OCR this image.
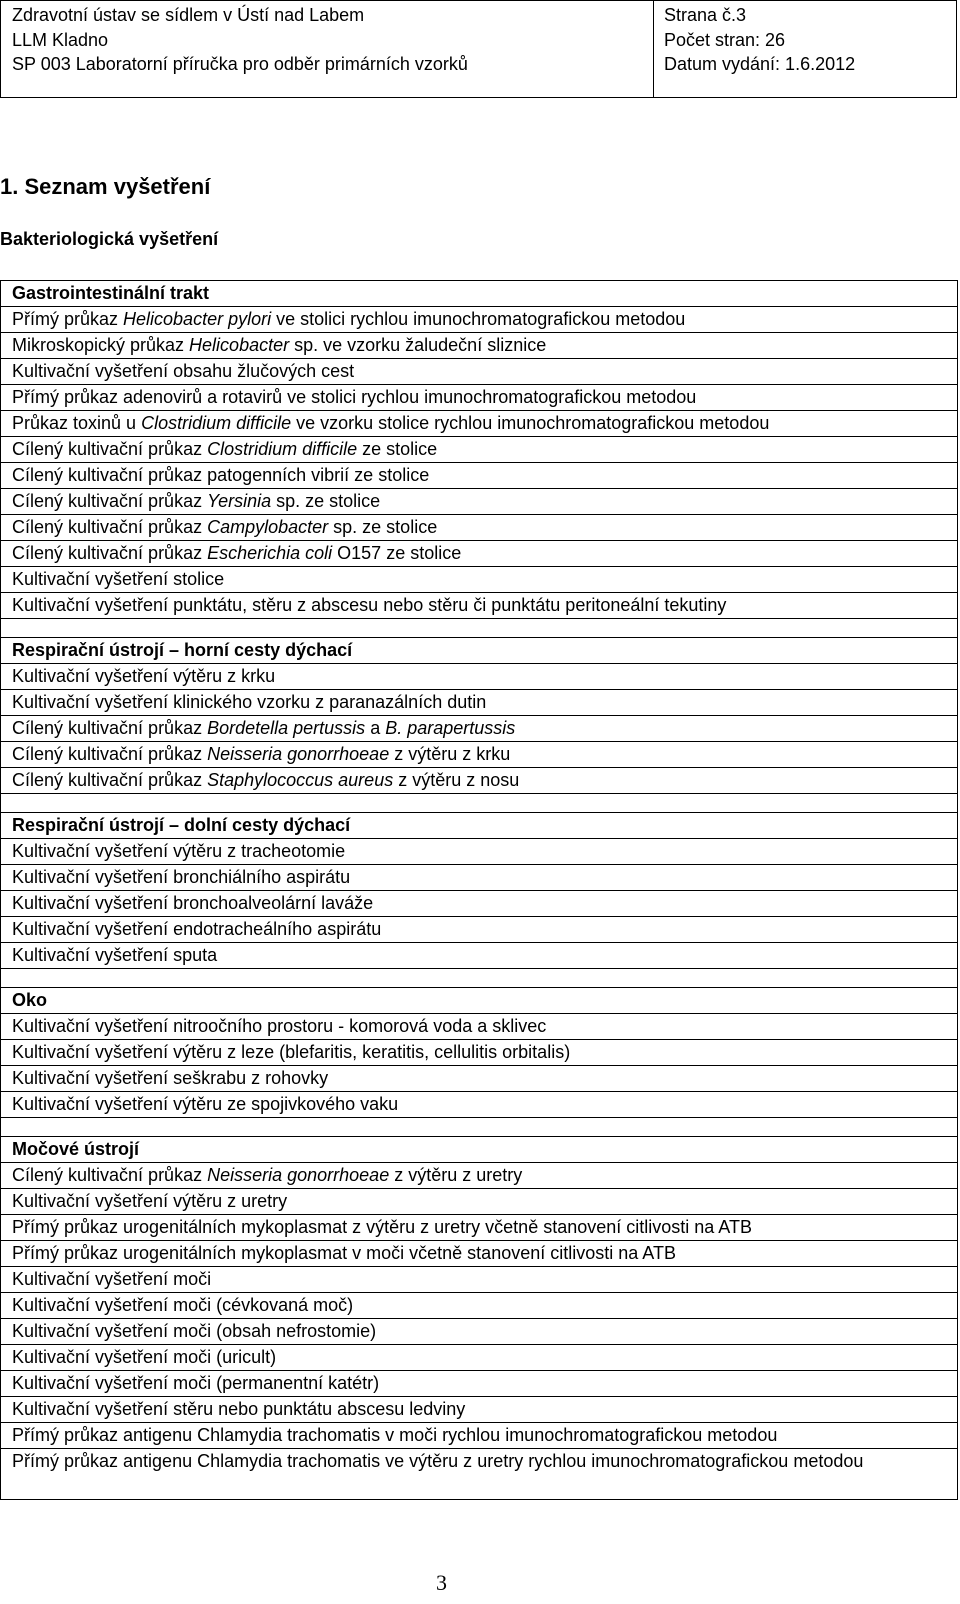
Zdravotní ústav se sídlem v Ústí nad Labem
LLM Kladno
SP 003 Laboratorní příručka pro odběr primárních vzorků
Strana č.3
Počet stran: 26
Datum vydání: 1.6.2012
1. Seznam vyšetření
Bakteriologická vyšetření
Gastrointestinální trakt
Přímý průkaz Helicobacter pylori ve stolici rychlou imunochromatografickou metodou
Mikroskopický průkaz Helicobacter sp. ve vzorku žaludeční sliznice
Kultivační vyšetření obsahu žlučových cest
Přímý průkaz adenovirů a rotavirů ve stolici rychlou imunochromatografickou metodou
Průkaz toxinů u Clostridium difficile ve vzorku stolice rychlou imunochromatografickou metodou
Cílený kultivační průkaz Clostridium difficile ze stolice
Cílený kultivační průkaz patogenních vibrií ze stolice
Cílený kultivační průkaz Yersinia sp. ze stolice
Cílený kultivační průkaz Campylobacter sp. ze stolice
Cílený kultivační průkaz Escherichia coli O157 ze stolice
Kultivační vyšetření stolice
Kultivační vyšetření punktátu, stěru z abscesu nebo stěru či punktátu peritoneální tekutiny

Respirační ústrojí – horní cesty dýchací
Kultivační vyšetření výtěru z krku
Kultivační vyšetření klinického vzorku z paranazálních dutin
Cílený kultivační průkaz Bordetella pertussis a B. parapertussis
Cílený kultivační průkaz Neisseria gonorrhoeae z výtěru z krku
Cílený kultivační průkaz Staphylococcus aureus z výtěru z nosu

Respirační ústrojí – dolní cesty dýchací
Kultivační vyšetření výtěru z tracheotomie
Kultivační vyšetření bronchiálního aspirátu
Kultivační vyšetření bronchoalveolární laváže
Kultivační vyšetření endotracheálního aspirátu
Kultivační vyšetření sputa

Oko
Kultivační vyšetření nitroočního prostoru - komorová voda a sklivec
Kultivační vyšetření výtěru z leze (blefaritis, keratitis, cellulitis orbitalis)
Kultivační vyšetření seškrabu z rohovky
Kultivační vyšetření výtěru ze spojivkového vaku

Močové ústrojí
Cílený kultivační průkaz Neisseria gonorrhoeae z výtěru z uretry
Kultivační vyšetření výtěru z uretry
Přímý průkaz urogenitálních mykoplasmat z výtěru z uretry včetně stanovení citlivosti na ATB
Přímý průkaz urogenitálních mykoplasmat v moči včetně stanovení citlivosti na ATB
Kultivační vyšetření moči
Kultivační vyšetření moči (cévkovaná moč)
Kultivační vyšetření moči (obsah nefrostomie)
Kultivační vyšetření moči (uricult)
Kultivační vyšetření moči (permanentní katétr)
Kultivační vyšetření stěru nebo punktátu abscesu ledviny
Přímý průkaz antigenu Chlamydia trachomatis v moči rychlou imunochromatografickou metodou
Přímý průkaz antigenu Chlamydia trachomatis ve výtěru z uretry rychlou imunochromatografickou metodou
3
